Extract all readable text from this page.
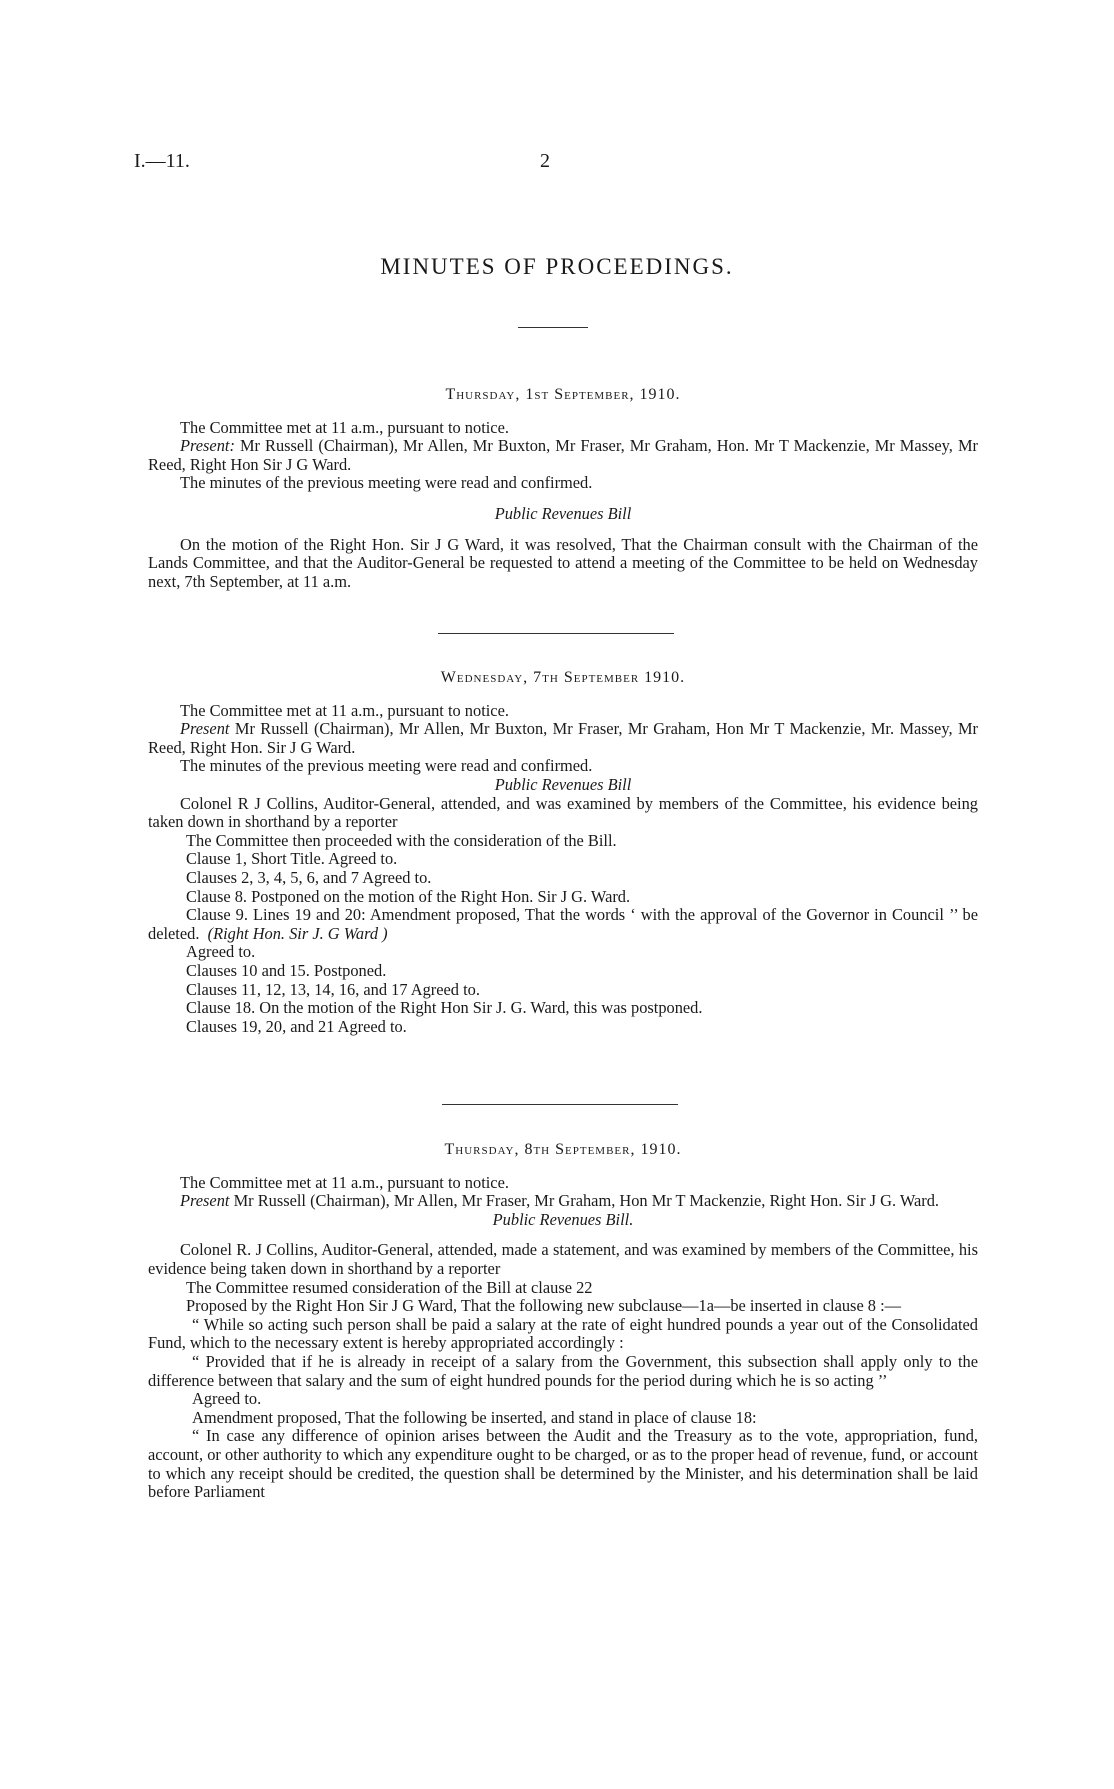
I.—11.	2
MINUTES OF PROCEEDINGS.

Thursday, 1st September, 1910.

The Committee met at 11 a.m., pursuant to notice.

Present: Mr Russell (Chairman), Mr Allen, Mr Buxton, Mr Fraser, Mr Graham, Hon. Mr T Mackenzie, Mr Massey, Mr Reed, Right Hon Sir J G Ward.

The minutes of the previous meeting were read and confirmed.

Public Revenues Bill

On the motion of the Right Hon. Sir J G Ward, it was resolved, That the Chairman consult with the Chairman of the Lands Committee, and that the Auditor-General be requested to attend a meeting of the Committee to be held on Wednesday next, 7th September, at 11 a.m.

Wednesday, 7th September 1910.

The Committee met at 11 a.m., pursuant to notice.

Present Mr Russell (Chairman), Mr Allen, Mr Buxton, Mr Fraser, Mr Graham, Hon Mr T Mackenzie, Mr. Massey, Mr Reed, Right Hon. Sir J G Ward.

The minutes of the previous meeting were read and confirmed.

Public Revenues Bill

Colonel R J Collins, Auditor-General, attended, and was examined by members of the Committee, his evidence being taken down in shorthand by a reporter

The Committee then proceeded with the consideration of the Bill.

Clause 1, Short Title. Agreed to.

Clauses 2, 3, 4, 5, 6, and 7 Agreed to.

Clause 8. Postponed on the motion of the Right Hon. Sir J G. Ward.

Clause 9. Lines 19 and 20: Amendment proposed, That the words ‘ with the approval of the Governor in Council ’’ be deleted. (Right Hon. Sir J. G Ward )

Agreed to.

Clauses 10 and 15. Postponed.

Clauses 11, 12, 13, 14, 16, and 17 Agreed to.

Clause 18. On the motion of the Right Hon Sir J. G. Ward, this was postponed.

Clauses 19, 20, and 21 Agreed to.

Thursday, 8th September, 1910.

The Committee met at 11 a.m., pursuant to notice.

Present Mr Russell (Chairman), Mr Allen, Mr Fraser, Mr Graham, Hon Mr T Mackenzie, Right Hon. Sir J G. Ward.

Public Revenues Bill.

Colonel R. J Collins, Auditor-General, attended, made a statement, and was examined by members of the Committee, his evidence being taken down in shorthand by a reporter

The Committee resumed consideration of the Bill at clause 22

Proposed by the Right Hon Sir J G Ward, That the following new subclause—1a—be inserted in clause 8 :—

“ While so acting such person shall be paid a salary at the rate of eight hundred pounds a year out of the Consolidated Fund, which to the necessary extent is hereby appropriated accordingly :

“ Provided that if he is already in receipt of a salary from the Government, this subsection shall apply only to the difference between that salary and the sum of eight hundred pounds for the period during which he is so acting ’’

Agreed to.

Amendment proposed, That the following be inserted, and stand in place of clause 18:

“ In case any difference of opinion arises between the Audit and the Treasury as to the vote, appropriation, fund, account, or other authority to which any expenditure ought to be charged, or as to the proper head of revenue, fund, or account to which any receipt should be credited, the question shall be determined by the Minister, and his determination shall be laid before Parliament
